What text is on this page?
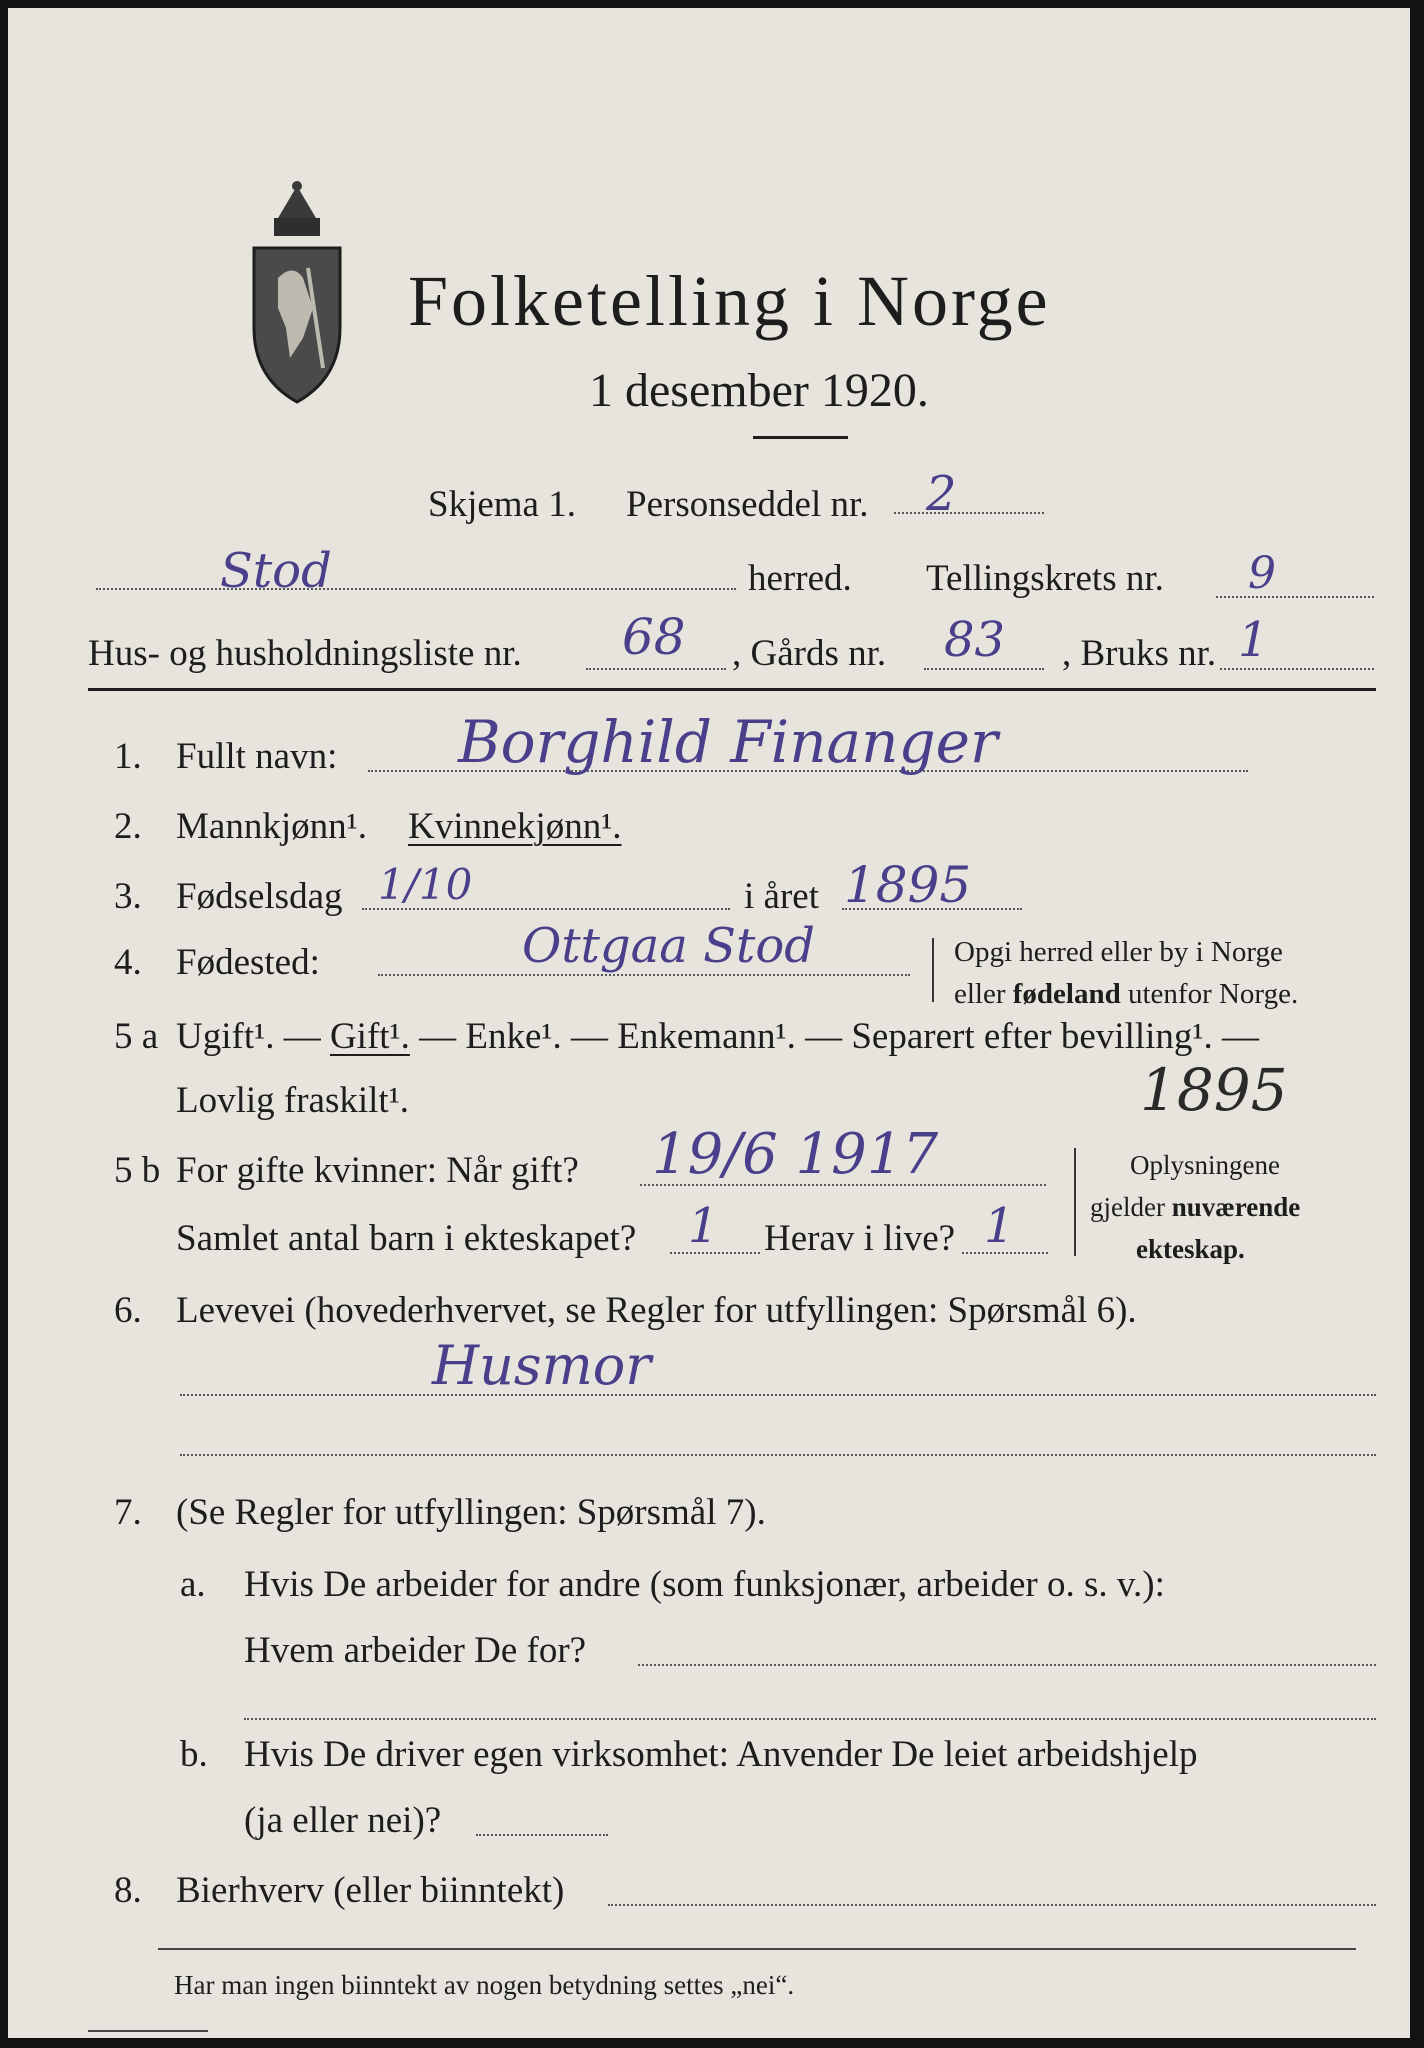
Folketelling i Norge
1 desember 1920.
Skjema 1. Personseddel nr. 2
Stod	herred. Tellingskrets nr. 9
Hus- og husholdningsliste nr. 68 , Gårds nr. 83 , Bruks nr. 1
1. Fullt navn: Borghild Finanger
2. Mannkjønn¹. Kvinnekjønn¹.
3. Fødselsdag 1/10	i året 1895
4. Fødested:	Ottgaa Stod	Opgi herred eller by i Norge
eller fødeland utenfor Norge.
5 a Ugift¹. — Gift¹. — Enke¹. — Enkemann¹. — Separert efter bevilling¹. —
Lovlig fraskilt¹.	1895
5 b For gifte kvinner: Når gift? 19/6 1917
Samlet antal barn i ekteskapet? 1 Herav i live? 1
Oplysningene
gjelder nuværende
ekteskap.
6. Levevei (hovederhvervet, se Regler for utfyllingen: Spørsmål 6).
Husmor
7. (Se Regler for utfyllingen: Spørsmål 7).
a. Hvis De arbeider for andre (som funksjonær, arbeider o. s. v.):
Hvem arbeider De for?
b. Hvis De driver egen virksomhet: Anvender De leiet arbeidshjelp
(ja eller nei)?
8. Bierhverv (eller biinntekt)
Har man ingen biinntekt av nogen betydning settes „nei“.
